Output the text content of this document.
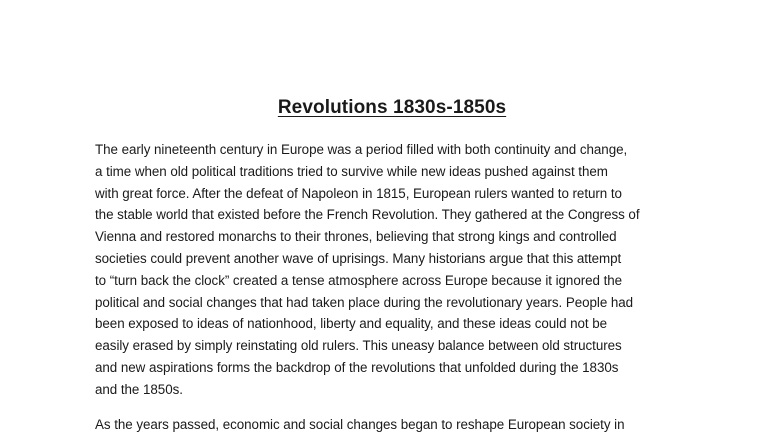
Revolutions 1830s-1850s
The early nineteenth century in Europe was a period filled with both continuity and change,
a time when old political traditions tried to survive while new ideas pushed against them
with great force. After the defeat of Napoleon in 1815, European rulers wanted to return to
the stable world that existed before the French Revolution. They gathered at the Congress of
Vienna and restored monarchs to their thrones, believing that strong kings and controlled
societies could prevent another wave of uprisings. Many historians argue that this attempt
to “turn back the clock” created a tense atmosphere across Europe because it ignored the
political and social changes that had taken place during the revolutionary years. People had
been exposed to ideas of nationhood, liberty and equality, and these ideas could not be
easily erased by simply reinstating old rulers. This uneasy balance between old structures
and new aspirations forms the backdrop of the revolutions that unfolded during the 1830s
and the 1850s.
As the years passed, economic and social changes began to reshape European society in
